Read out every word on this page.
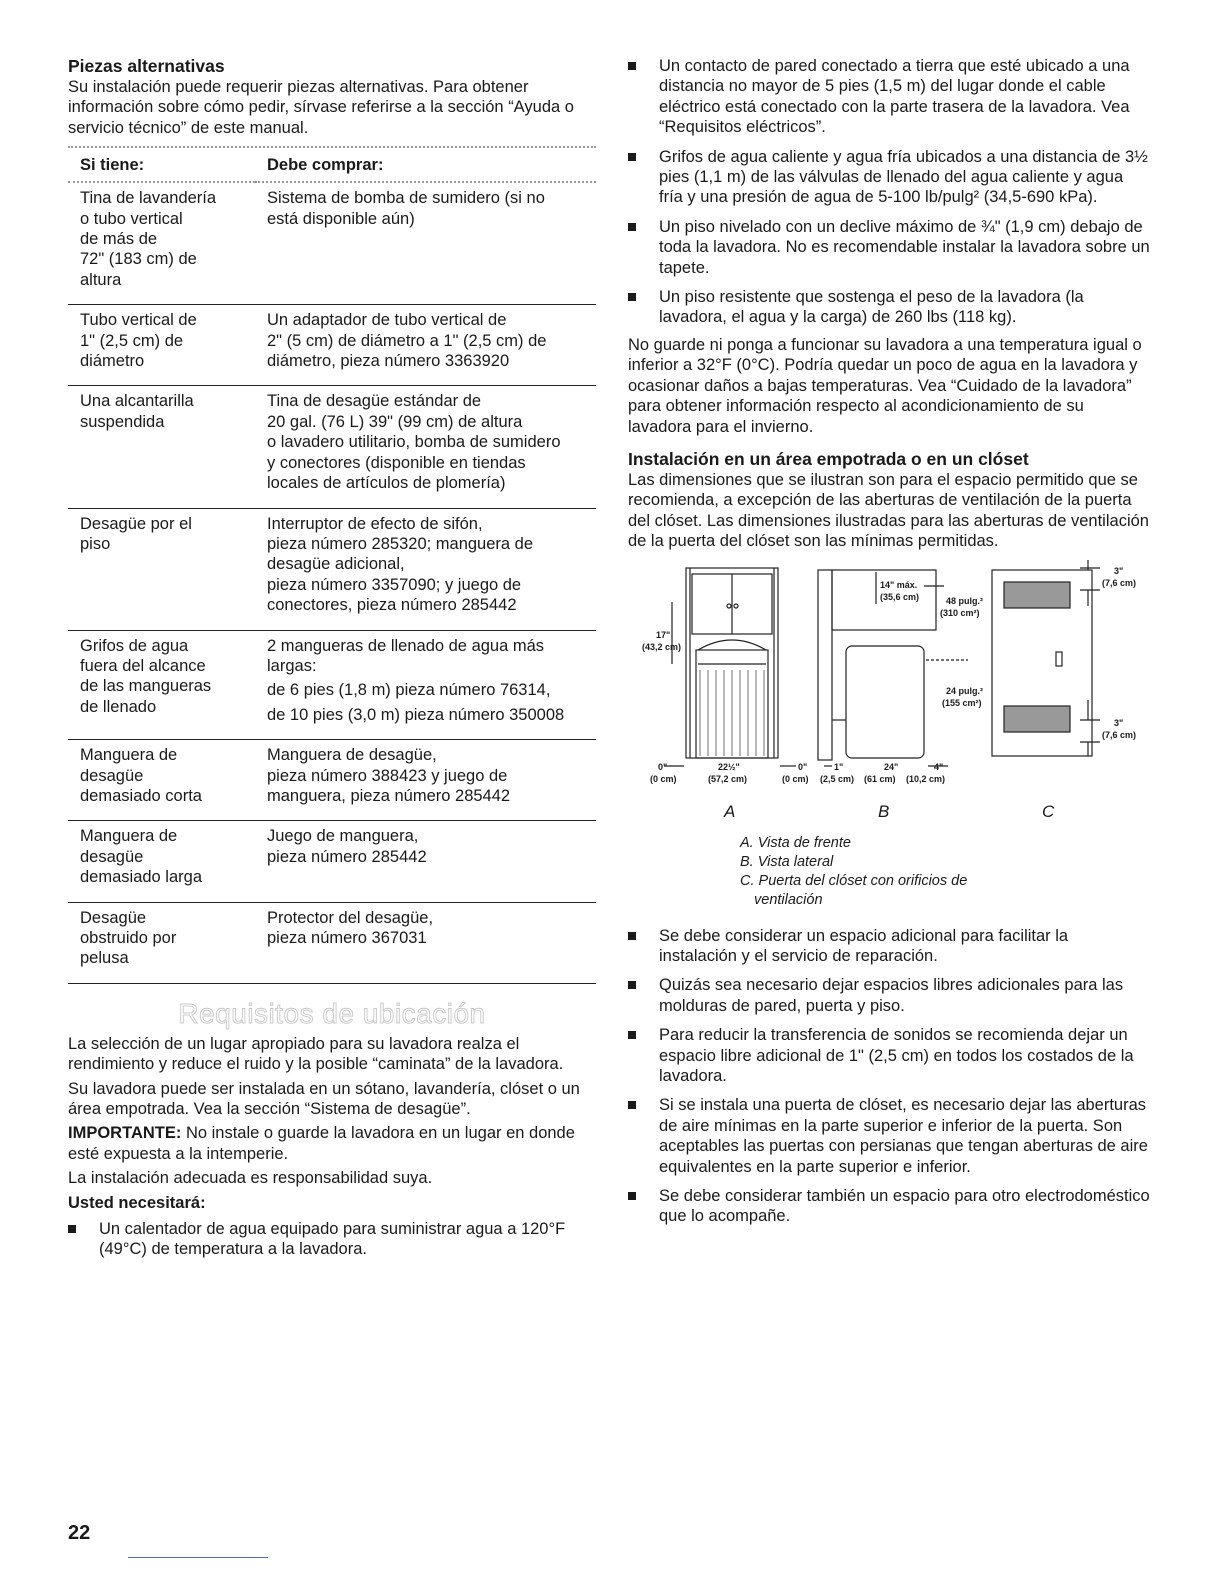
Piezas alternativas

Su instalación puede requerir piezas alternativas. Para obtener información sobre cómo pedir, sírvase referirse a la sección “Ayuda o servicio técnico” de este manual.

Si tiene:	Debe comprar:

Tina de lavandería
o tubo vertical
de más de
72" (183 cm) de
altura	Sistema de bomba de sumidero (si no
está disponible aún)

Tubo vertical de
1" (2,5 cm) de
diámetro	Un adaptador de tubo vertical de
2" (5 cm) de diámetro a 1" (2,5 cm) de
diámetro, pieza número 3363920

Una alcantarilla
suspendida	Tina de desagüe estándar de
20 gal. (76 L) 39" (99 cm) de altura
o lavadero utilitario, bomba de sumidero
y conectores (disponible en tiendas
locales de artículos de plomería)

Desagüe por el
piso	Interruptor de efecto de sifón,
pieza número 285320; manguera de
desagüe adicional,
pieza número 3357090; y juego de
conectores, pieza número 285442

Grifos de agua
fuera del alcance
de las mangueras
de llenado	2 mangueras de llenado de agua más
largas:
de 6 pies (1,8 m) pieza número 76314,
de 10 pies (3,0 m) pieza número 350008

Manguera de
desagüe
demasiado corta	Manguera de desagüe,
pieza número 388423 y juego de
manguera, pieza número 285442

Manguera de
desagüe
demasiado larga	Juego de manguera,
pieza número 285442

Desagüe
obstruido por
pelusa	Protector del desagüe,
pieza número 367031
Requisitos de ubicación

La selección de un lugar apropiado para su lavadora realza el rendimiento y reduce el ruido y la posible “caminata” de la lavadora.

Su lavadora puede ser instalada en un sótano, lavandería, clóset o un área empotrada. Vea la sección “Sistema de desagüe”.

IMPORTANTE: No instale o guarde la lavadora en un lugar en donde esté expuesta a la intemperie.

La instalación adecuada es responsabilidad suya.

Usted necesitará:

Un calentador de agua equipado para suministrar agua a 120°F (49°C) de temperatura a la lavadora.
Un contacto de pared conectado a tierra que esté ubicado a una distancia no mayor de 5 pies (1,5 m) del lugar donde el cable eléctrico está conectado con la parte trasera de la lavadora. Vea “Requisitos eléctricos”.
Grifos de agua caliente y agua fría ubicados a una distancia de 3½ pies (1,1 m) de las válvulas de llenado del agua caliente y agua fría y una presión de agua de 5-100 lb/pulg² (34,5-690 kPa).
Un piso nivelado con un declive máximo de ¾" (1,9 cm) debajo de toda la lavadora. No es recomendable instalar la lavadora sobre un tapete.
Un piso resistente que sostenga el peso de la lavadora (la lavadora, el agua y la carga) de 260 lbs (118 kg).

No guarde ni ponga a funcionar su lavadora a una temperatura igual o inferior a 32°F (0°C). Podría quedar un poco de agua en la lavadora y ocasionar daños a bajas temperaturas. Vea “Cuidado de la lavadora” para obtener información respecto al acondicionamiento de su lavadora para el invierno.

Instalación en un área empotrada o en un clóset

Las dimensiones que se ilustran son para el espacio permitido que se recomienda, a excepción de las aberturas de ventilación de la puerta del clóset. Las dimensiones ilustradas para las aberturas de ventilación de la puerta del clóset son las mínimas permitidas.

17"
(43,2 cm)
14" máx.
(35,6 cm)	48 pulg.²
(310 cm²)
24 pulg.²
(155 cm²)
3"
(7,6 cm)
3"
(7,6 cm)
0"
(0 cm)
22½"
(57,2 cm)
0"
(0 cm)
1"
(2,5 cm)
24"
(61 cm)
4"
(10,2 cm)
A	B	C
A. Vista de frente
B. Vista lateral
C. Puerta del clóset con orificios de
ventilación
Se debe considerar un espacio adicional para facilitar la instalación y el servicio de reparación.
Quizás sea necesario dejar espacios libres adicionales para las molduras de pared, puerta y piso.
Para reducir la transferencia de sonidos se recomienda dejar un espacio libre adicional de 1" (2,5 cm) en todos los costados de la lavadora.
Si se instala una puerta de clóset, es necesario dejar las aberturas de aire mínimas en la parte superior e inferior de la puerta. Son aceptables las puertas con persianas que tengan aberturas de aire equivalentes en la parte superior e inferior.
Se debe considerar también un espacio para otro electrodoméstico que lo acompañe.
22
